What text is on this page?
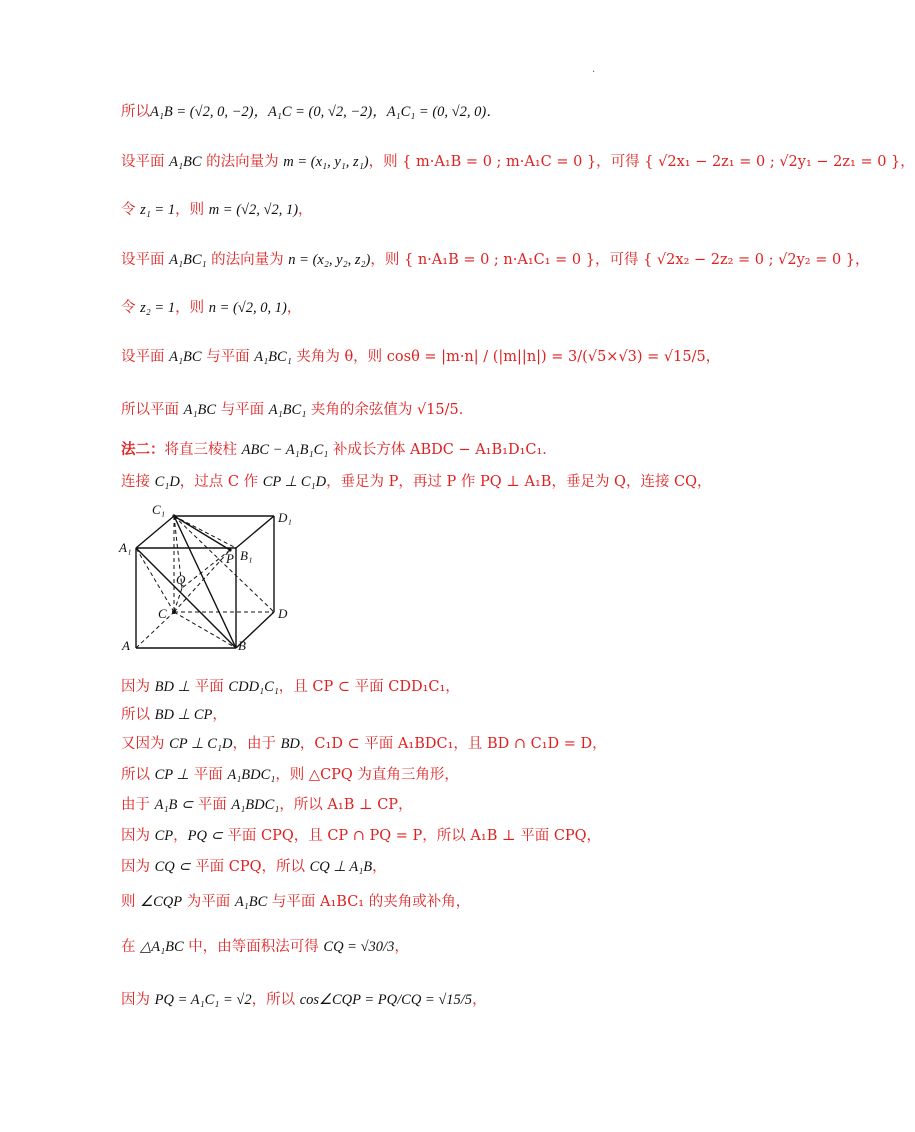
.
所以A₁B = (√2, 0, −2)，A₁C = (0, √2, −2)，A₁C₁ = (0, √2, 0)．
设平面 A₁BC 的法向量为 m = (x₁, y₁, z₁)，则 { m·A₁B = 0 ; m·A₁C = 0 }，可得 { √2x₁ − 2z₁ = 0 ; √2y₁ − 2z₁ = 0 }，
令 z₁ = 1，则 m = (√2, √2, 1)，
设平面 A₁BC₁ 的法向量为 n = (x₂, y₂, z₂)，则 { n·A₁B = 0 ; n·A₁C₁ = 0 }，可得 { √2x₂ − 2z₂ = 0 ; √2y₂ = 0 }，
令 z₂ = 1，则 n = (√2, 0, 1)，
设平面 A₁BC 与平面 A₁BC₁ 夹角为 θ，则 cosθ = |m·n| / (|m||n|) = 3/(√5×√3) = √15/5，
所以平面 A₁BC 与平面 A₁BC₁ 夹角的余弦值为 √15/5．
法二：将直三棱柱 ABC − A₁B₁C₁ 补成长方体 ABDC − A₁B₁D₁C₁．
连接 C₁D，过点 C 作 CP ⊥ C₁D，垂足为 P，再过 P 作 PQ ⊥ A₁B，垂足为 Q，连接 CQ，
C₁
D₁
A₁
B₁
P
Q
C	D
A	B
因为 BD ⊥ 平面 CDD₁C₁，且 CP ⊂ 平面 CDD₁C₁，
所以 BD ⊥ CP，
又因为 CP ⊥ C₁D，由于 BD，C₁D ⊂ 平面 A₁BDC₁，且 BD ∩ C₁D = D，
所以 CP ⊥ 平面 A₁BDC₁，则 △CPQ 为直角三角形，
由于 A₁B ⊂ 平面 A₁BDC₁，所以 A₁B ⊥ CP，
因为 CP，PQ ⊂ 平面 CPQ，且 CP ∩ PQ = P，所以 A₁B ⊥ 平面 CPQ，
因为 CQ ⊂ 平面 CPQ，所以 CQ ⊥ A₁B，
则 ∠CQP 为平面 A₁BC 与平面 A₁BC₁ 的夹角或补角，
在 △A₁BC 中，由等面积法可得 CQ = √30/3，
因为 PQ = A₁C₁ = √2，所以 cos∠CQP = PQ/CQ = √15/5，
